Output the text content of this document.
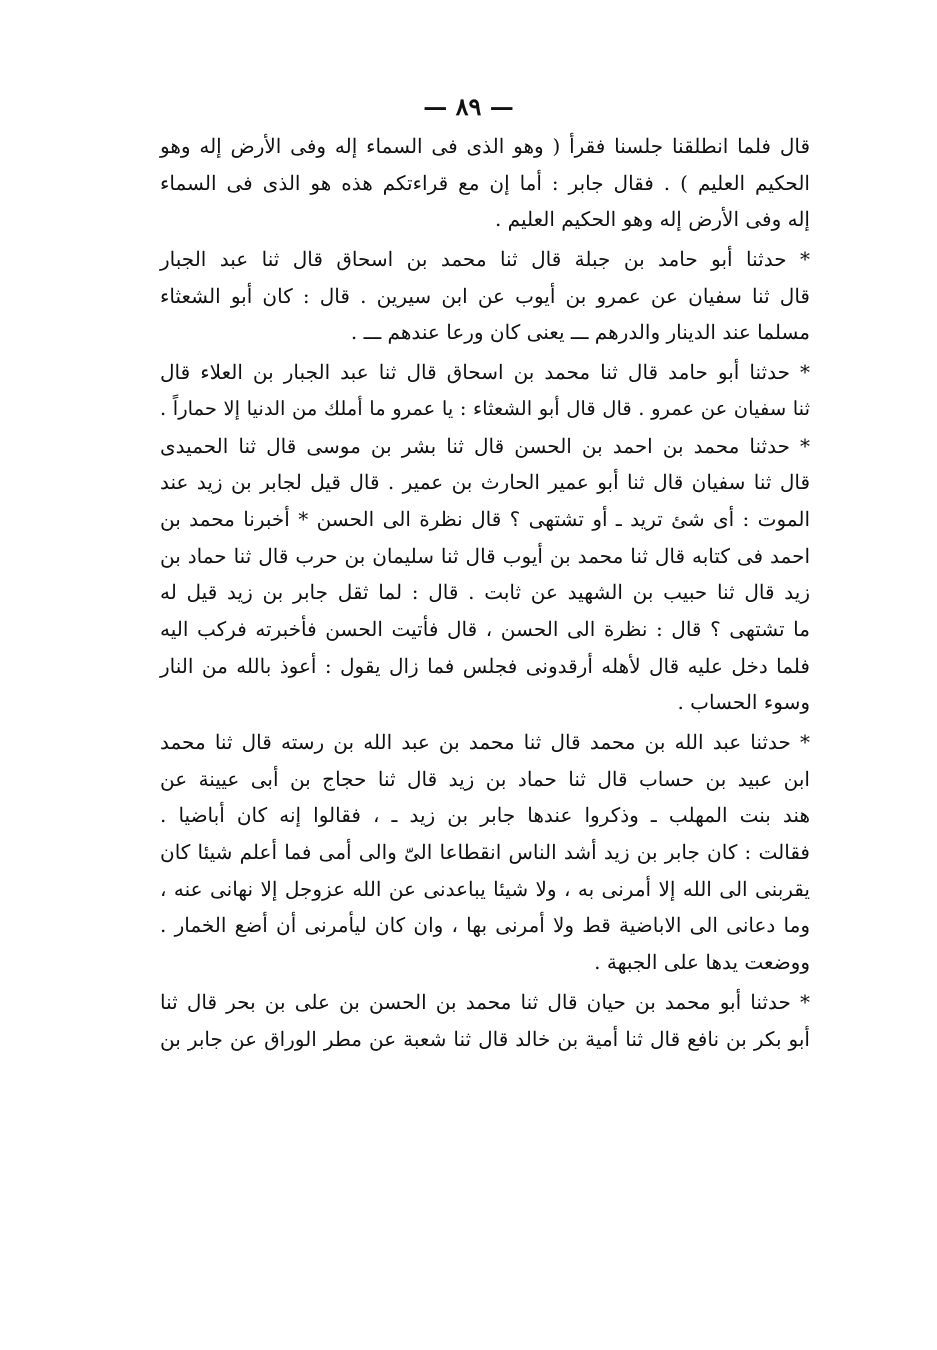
— ٨٩ —
قال فلما انطلقنا جلسنا فقرأ ( وهو الذى فى السماء إله وفى الأرض إله وهو
الحكيم العليم ) . فقال جابر : أما إن مع قراءتكم هذه هو الذى فى السماء
إله وفى الأرض إله وهو الحكيم العليم .
* حدثنا أبو حامد بن جبلة قال ثنا محمد بن اسحاق قال ثنا عبد الجبار
قال ثنا سفيان عن عمرو بن أيوب عن ابن سيرين . قال : كان أبو الشعثاء
مسلما عند الدينار والدرهم ـــ يعنى كان ورعا عندهم ـــ .
* حدثنا أبو حامد قال ثنا محمد بن اسحاق قال ثنا عبد الجبار بن العلاء قال
ثنا سفيان عن عمرو . قال قال أبو الشعثاء : يا عمرو ما أملك من الدنيا إلا حماراً .
* حدثنا محمد بن احمد بن الحسن قال ثنا بشر بن موسى قال ثنا الحميدى
قال ثنا سفيان قال ثنا أبو عمير الحارث بن عمير . قال قيل لجابر بن زيد عند
الموت : أى شئ تريد ـ أو تشتهى ؟ قال نظرة الى الحسن * أخبرنا محمد بن
احمد فى كتابه قال ثنا محمد بن أيوب قال ثنا سليمان بن حرب قال ثنا حماد بن
زيد قال ثنا حبيب بن الشهيد عن ثابت . قال : لما ثقل جابر بن زيد قيل له
ما تشتهى ؟ قال : نظرة الى الحسن ، قال فأتيت الحسن فأخبرته فركب اليه
فلما دخل عليه قال لأهله أرقدونى فجلس فما زال يقول : أعوذ بالله من النار
وسوء الحساب .
* حدثنا عبد الله بن محمد قال ثنا محمد بن عبد الله بن رسته قال ثنا محمد
ابن عبيد بن حساب قال ثنا حماد بن زيد قال ثنا حجاج بن أبى عيينة عن
هند بنت المهلب ـ وذكروا عندها جابر بن زيد ـ ، فقالوا إنه كان أباضيا .
فقالت : كان جابر بن زيد أشد الناس انقطاعا الىّ والى أمى فما أعلم شيئا كان
يقربنى الى الله إلا أمرنى به ، ولا شيئا يباعدنى عن الله عزوجل إلا نهانى عنه ،
وما دعانى الى الاباضية قط ولا أمرنى بها ، وان كان ليأمرنى أن أضع الخمار .
ووضعت يدها على الجبهة .
* حدثنا أبو محمد بن حيان قال ثنا محمد بن الحسن بن على بن بحر قال ثنا
أبو بكر بن نافع قال ثنا أمية بن خالد قال ثنا شعبة عن مطر الوراق عن جابر بن
